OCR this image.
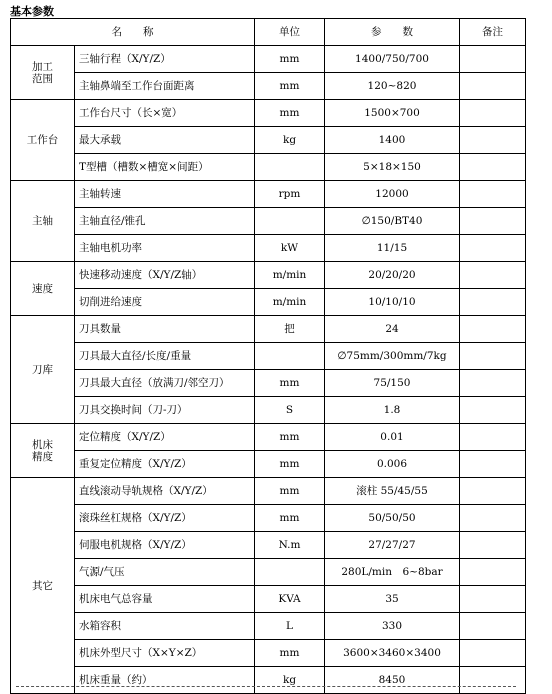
基本参数
名　　称		单位	参　　数	备注
加工
范围	三轴行程（X/Y/Z）	mm	1400/750/700	
	主轴鼻端至工作台面距离	mm	120~820	
工作台	工作台尺寸（长×宽）	mm	1500×700	
	最大承载	kg	1400	
	T型槽（槽数×槽宽×间距）		5×18×150	
主轴	主轴转速	rpm	12000	
	主轴直径/锥孔		∅150/BT40	
	主轴电机功率	kW	11/15	
速度	快速移动速度（X/Y/Z轴）	m/min	20/20/20	
	切削进给速度	m/min	10/10/10	
刀库	刀具数量	把	24	
	刀具最大直径/长度/重量		∅75mm/300mm/7kg	
	刀具最大直径（放满刀/邻空刀）	mm	75/150	
	刀具交换时间（刀-刀）	S	1.8	
机床
精度	定位精度（X/Y/Z）	mm	0.01	
	重复定位精度（X/Y/Z）	mm	0.006	
其它	直线滚动导轨规格（X/Y/Z）	mm	滚柱 55/45/55	
	滚珠丝杠规格（X/Y/Z）	mm	50/50/50	
	伺服电机规格（X/Y/Z）	N.m	27/27/27	
	气源/气压		280L/min　6~8bar	
	机床电气总容量	KVA	35	
	水箱容积	L	330	
	机床外型尺寸（X×Y×Z）	mm	3600×3460×3400	
	机床重量（约）	kg	8450	
